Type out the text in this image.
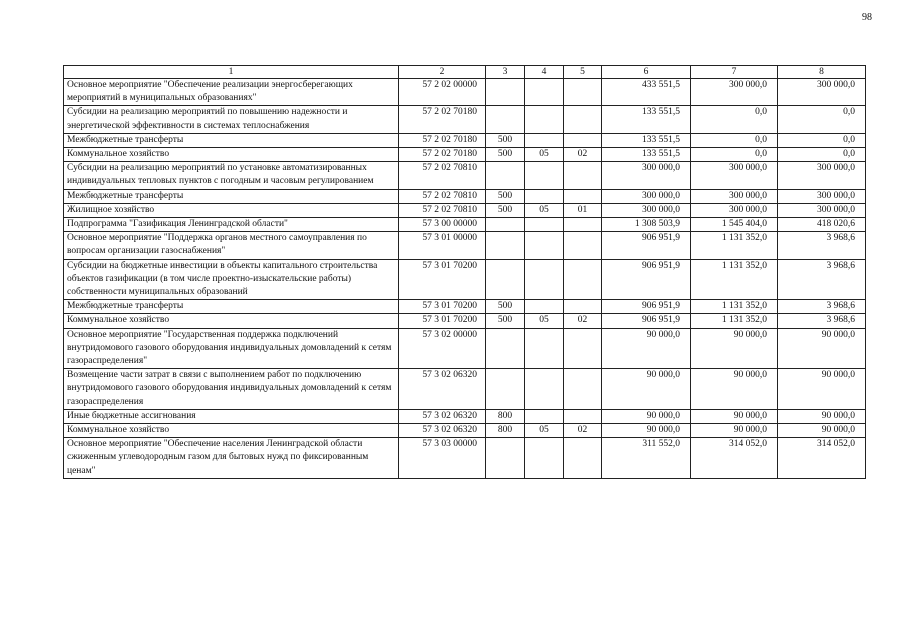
98
1	2	3	4	5	6	7	8
Основное мероприятие "Обеспечение реализации энергосберегающих мероприятий в муниципальных образованиях"	57 2 02 00000				433 551,5	300 000,0	300 000,0
Субсидии на реализацию мероприятий по повышению надежности и энергетической эффективности в системах теплоснабжения	57 2 02 70180				133 551,5	0,0	0,0
Межбюджетные трансферты	57 2 02 70180	500			133 551,5	0,0	0,0
Коммунальное хозяйство	57 2 02 70180	500	05	02	133 551,5	0,0	0,0
Субсидии на реализацию мероприятий по установке автоматизированных индивидуальных тепловых пунктов с погодным и часовым регулированием	57 2 02 70810				300 000,0	300 000,0	300 000,0
Межбюджетные трансферты	57 2 02 70810	500			300 000,0	300 000,0	300 000,0
Жилищное хозяйство	57 2 02 70810	500	05	01	300 000,0	300 000,0	300 000,0
Подпрограмма "Газификация Ленинградской области"	57 3 00 00000				1 308 503,9	1 545 404,0	418 020,6
Основное мероприятие "Поддержка органов местного самоуправления по вопросам организации газоснабжения"	57 3 01 00000				906 951,9	1 131 352,0	3 968,6
Субсидии на бюджетные инвестиции в объекты капитального строительства объектов газификации (в том числе проектно-изыскательские работы) собственности муниципальных образований	57 3 01 70200				906 951,9	1 131 352,0	3 968,6
Межбюджетные трансферты	57 3 01 70200	500			906 951,9	1 131 352,0	3 968,6
Коммунальное хозяйство	57 3 01 70200	500	05	02	906 951,9	1 131 352,0	3 968,6
Основное мероприятие "Государственная поддержка подключений внутридомового газового оборудования индивидуальных домовладений к сетям газораспределения"	57 3 02 00000				90 000,0	90 000,0	90 000,0
Возмещение части затрат в связи с выполнением работ по подключению внутридомового газового оборудования индивидуальных домовладений к сетям газораспределения	57 3 02 06320				90 000,0	90 000,0	90 000,0
Иные бюджетные ассигнования	57 3 02 06320	800			90 000,0	90 000,0	90 000,0
Коммунальное хозяйство	57 3 02 06320	800	05	02	90 000,0	90 000,0	90 000,0
Основное мероприятие "Обеспечение населения Ленинградской области сжиженным углеводородным газом для бытовых нужд по фиксированным ценам"	57 3 03 00000				311 552,0	314 052,0	314 052,0
